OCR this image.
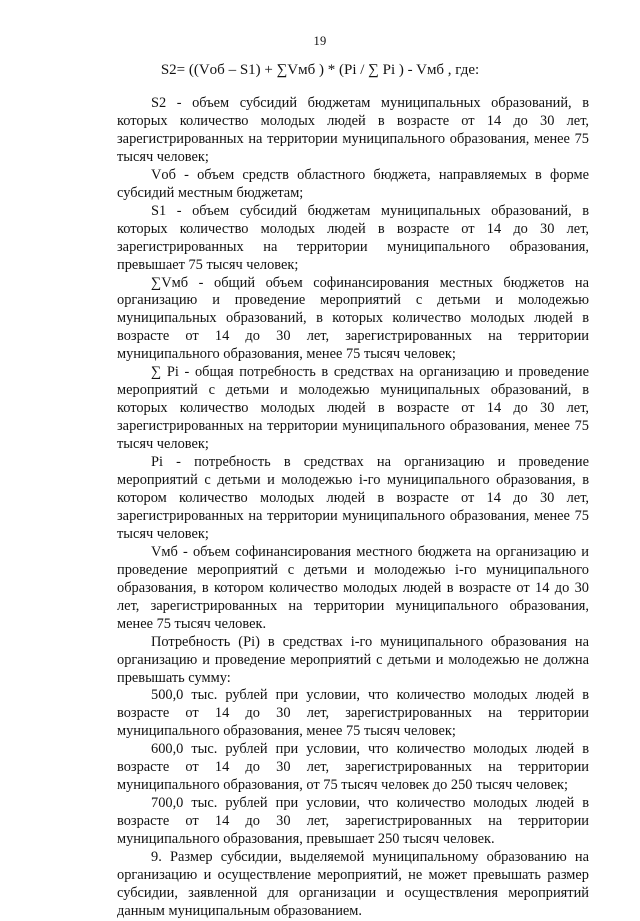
19
S2= ((Vоб – S1) + ∑Vмб ) * (Pi / ∑ Pi ) - Vмб , где:

S2 - объем субсидий бюджетам муниципальных образований, в которых количество молодых людей в возрасте от 14 до 30 лет, зарегистрированных на территории муниципального образования, менее 75 тысяч человек;

Vоб - объем средств областного бюджета, направляемых в форме субсидий местным бюджетам;

S1 - объем субсидий бюджетам муниципальных образований, в которых количество молодых людей в возрасте от 14 до 30 лет, зарегистрированных на территории муниципального образования, превышает 75 тысяч человек;

∑Vмб - общий объем софинансирования местных бюджетов на организацию и проведение мероприятий с детьми и молодежью муниципальных образований, в которых количество молодых людей в возрасте от 14 до 30 лет, зарегистрированных на территории муниципального образования, менее 75 тысяч человек;

∑ Pi - общая потребность в средствах на организацию и проведение мероприятий с детьми и молодежью муниципальных образований, в которых количество молодых людей в возрасте от 14 до 30 лет, зарегистрированных на территории муниципального образования, менее 75 тысяч человек;

Pi - потребность в средствах на организацию и проведение мероприятий с детьми и молодежью i-го муниципального образования, в котором количество молодых людей в возрасте от 14 до 30 лет, зарегистрированных на территории муниципального образования, менее 75 тысяч человек;

Vмб - объем софинансирования местного бюджета на организацию и проведение мероприятий с детьми и молодежью i-го муниципального образования, в котором количество молодых людей в возрасте от 14 до 30 лет, зарегистрированных на территории муниципального образования, менее 75 тысяч человек.

Потребность (Pi) в средствах i-го муниципального образования на организацию и проведение мероприятий с детьми и молодежью не должна превышать сумму:

500,0 тыс. рублей при условии, что количество молодых людей в возрасте от 14 до 30 лет, зарегистрированных на территории муниципального образования, менее 75 тысяч человек;

600,0 тыс. рублей при условии, что количество молодых людей в возрасте от 14 до 30 лет, зарегистрированных на территории муниципального образования, от 75 тысяч человек до 250 тысяч человек;

700,0 тыс. рублей при условии, что количество молодых людей в возрасте от 14 до 30 лет, зарегистрированных на территории муниципального образования, превышает 250 тысяч человек.

9. Размер субсидии, выделяемой муниципальному образованию на организацию и осуществление мероприятий, не может превышать размер субсидии, заявленной для организации и осуществления мероприятий данным муниципальным образованием.
